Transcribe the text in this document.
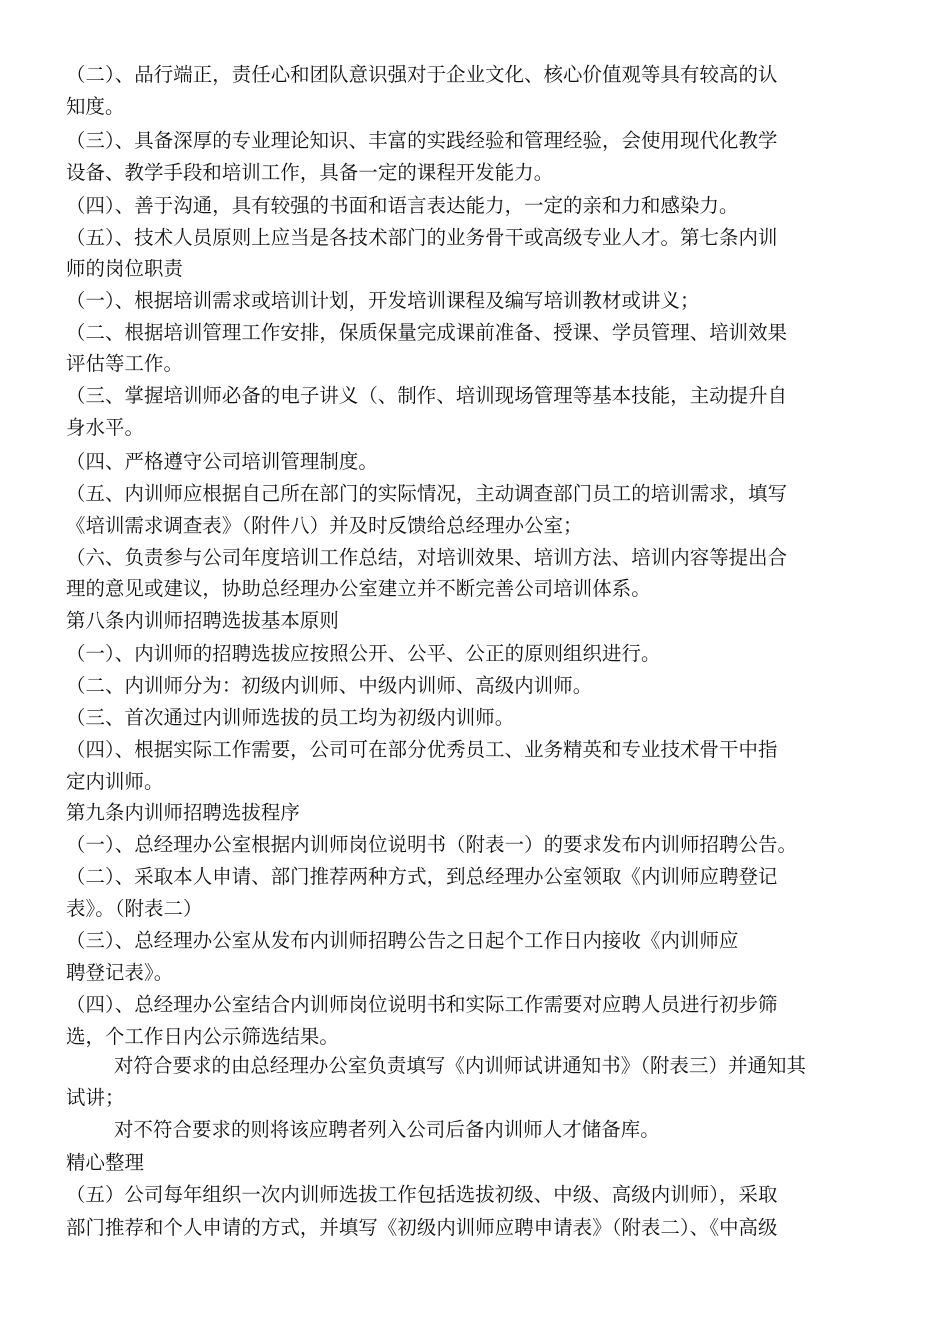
（二）、品行端正，责任心和团队意识强对于企业文化、核心价值观等具有较高的认
知度。
（三）、具备深厚的专业理论知识、丰富的实践经验和管理经验，会使用现代化教学
设备、教学手段和培训工作，具备一定的课程开发能力。
（四）、善于沟通，具有较强的书面和语言表达能力，一定的亲和力和感染力。
（五）、技术人员原则上应当是各技术部门的业务骨干或高级专业人才。第七条内训
师的岗位职责
（一）、根据培训需求或培训计划，开发培训课程及编写培训教材或讲义；
（二、根据培训管理工作安排，保质保量完成课前准备、授课、学员管理、培训效果
评估等工作。
（三、掌握培训师必备的电子讲义（、制作、培训现场管理等基本技能，主动提升自
身水平。
（四、严格遵守公司培训管理制度。
（五、内训师应根据自己所在部门的实际情况，主动调查部门员工的培训需求，填写
《培训需求调查表》（附件八）并及时反馈给总经理办公室；
（六、负责参与公司年度培训工作总结，对培训效果、培训方法、培训内容等提出合
理的意见或建议，协助总经理办公室建立并不断完善公司培训体系。
第八条内训师招聘选拔基本原则
（一）、内训师的招聘选拔应按照公开、公平、公正的原则组织进行。
（二、内训师分为：初级内训师、中级内训师、高级内训师。
（三、首次通过内训师选拔的员工均为初级内训师。
（四）、根据实际工作需要，公司可在部分优秀员工、业务精英和专业技术骨干中指
定内训师。
第九条内训师招聘选拔程序
（一）、总经理办公室根据内训师岗位说明书（附表一）的要求发布内训师招聘公告。
（二）、采取本人申请、部门推荐两种方式，到总经理办公室领取《内训师应聘登记
表》。（附表二）
（三）、总经理办公室从发布内训师招聘公告之日起个工作日内接收《内训师应
聘登记表》。
（四）、总经理办公室结合内训师岗位说明书和实际工作需要对应聘人员进行初步筛
选，个工作日内公示筛选结果。
对符合要求的由总经理办公室负责填写《内训师试讲通知书》（附表三）并通知其
试讲；
对不符合要求的则将该应聘者列入公司后备内训师人才储备库。
精心整理
（五）公司每年组织一次内训师选拔工作包括选拔初级、中级、高级内训师），采取
部门推荐和个人申请的方式，并填写《初级内训师应聘申请表》（附表二）、《中高级
